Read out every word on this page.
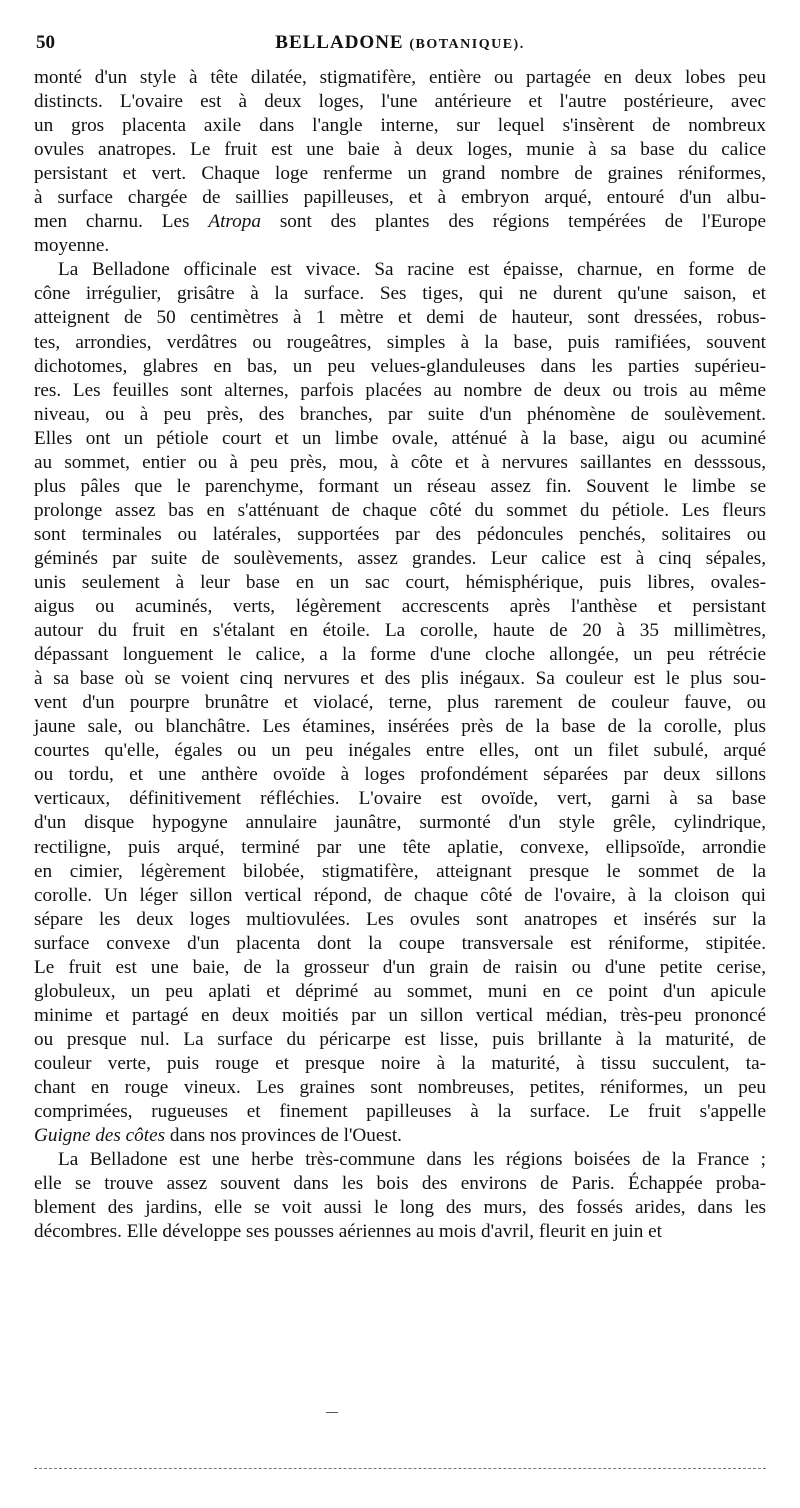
50	BELLADONE (BOTANIQUE).
monté d'un style à tête dilatée, stigmatifère, entière ou partagée en deux lobes peu
distincts. L'ovaire est à deux loges, l'une antérieure et l'autre postérieure, avec
un gros placenta axile dans l'angle interne, sur lequel s'insèrent de nombreux
ovules anatropes. Le fruit est une baie à deux loges, munie à sa base du calice
persistant et vert. Chaque loge renferme un grand nombre de graines réniformes,
à surface chargée de saillies papilleuses, et à embryon arqué, entouré d'un albu-
men charnu. Les Atropa sont des plantes des régions tempérées de l'Europe
moyenne.
La Belladone officinale est vivace. Sa racine est épaisse, charnue, en forme de
cône irrégulier, grisâtre à la surface. Ses tiges, qui ne durent qu'une saison, et
atteignent de 50 centimètres à 1 mètre et demi de hauteur, sont dressées, robus-
tes, arrondies, verdâtres ou rougeâtres, simples à la base, puis ramifiées, souvent
dichotomes, glabres en bas, un peu velues-glanduleuses dans les parties supérieu-
res. Les feuilles sont alternes, parfois placées au nombre de deux ou trois au même
niveau, ou à peu près, des branches, par suite d'un phénomène de soulèvement.
Elles ont un pétiole court et un limbe ovale, atténué à la base, aigu ou acuminé
au sommet, entier ou à peu près, mou, à côte et à nervures saillantes en desssous,
plus pâles que le parenchyme, formant un réseau assez fin. Souvent le limbe se
prolonge assez bas en s'atténuant de chaque côté du sommet du pétiole. Les fleurs
sont terminales ou latérales, supportées par des pédoncules penchés, solitaires ou
géminés par suite de soulèvements, assez grandes. Leur calice est à cinq sépales,
unis seulement à leur base en un sac court, hémisphérique, puis libres, ovales-
aigus ou acuminés, verts, légèrement accrescents après l'anthèse et persistant
autour du fruit en s'étalant en étoile. La corolle, haute de 20 à 35 millimètres,
dépassant longuement le calice, a la forme d'une cloche allongée, un peu rétrécie
à sa base où se voient cinq nervures et des plis inégaux. Sa couleur est le plus sou-
vent d'un pourpre brunâtre et violacé, terne, plus rarement de couleur fauve, ou
jaune sale, ou blanchâtre. Les étamines, insérées près de la base de la corolle, plus
courtes qu'elle, égales ou un peu inégales entre elles, ont un filet subulé, arqué
ou tordu, et une anthère ovoïde à loges profondément séparées par deux sillons
verticaux, définitivement réfléchies. L'ovaire est ovoïde, vert, garni à sa base
d'un disque hypogyne annulaire jaunâtre, surmonté d'un style grêle, cylindrique,
rectiligne, puis arqué, terminé par une tête aplatie, convexe, ellipsoïde, arrondie
en cimier, légèrement bilobée, stigmatifère, atteignant presque le sommet de la
corolle. Un léger sillon vertical répond, de chaque côté de l'ovaire, à la cloison qui
sépare les deux loges multiovulées. Les ovules sont anatropes et insérés sur la
surface convexe d'un placenta dont la coupe transversale est réniforme, stipitée.
Le fruit est une baie, de la grosseur d'un grain de raisin ou d'une petite cerise,
globuleux, un peu aplati et déprimé au sommet, muni en ce point d'un apicule
minime et partagé en deux moitiés par un sillon vertical médian, très-peu prononcé
ou presque nul. La surface du péricarpe est lisse, puis brillante à la maturité, de
couleur verte, puis rouge et presque noire à la maturité, à tissu succulent, ta-
chant en rouge vineux. Les graines sont nombreuses, petites, réniformes, un peu
comprimées, rugueuses et finement papilleuses à la surface. Le fruit s'appelle
Guigne des côtes dans nos provinces de l'Ouest.
La Belladone est une herbe très-commune dans les régions boisées de la France ;
elle se trouve assez souvent dans les bois des environs de Paris. Échappée proba-
blement des jardins, elle se voit aussi le long des murs, des fossés arides, dans les
décombres. Elle développe ses pousses aériennes au mois d'avril, fleurit en juin et
